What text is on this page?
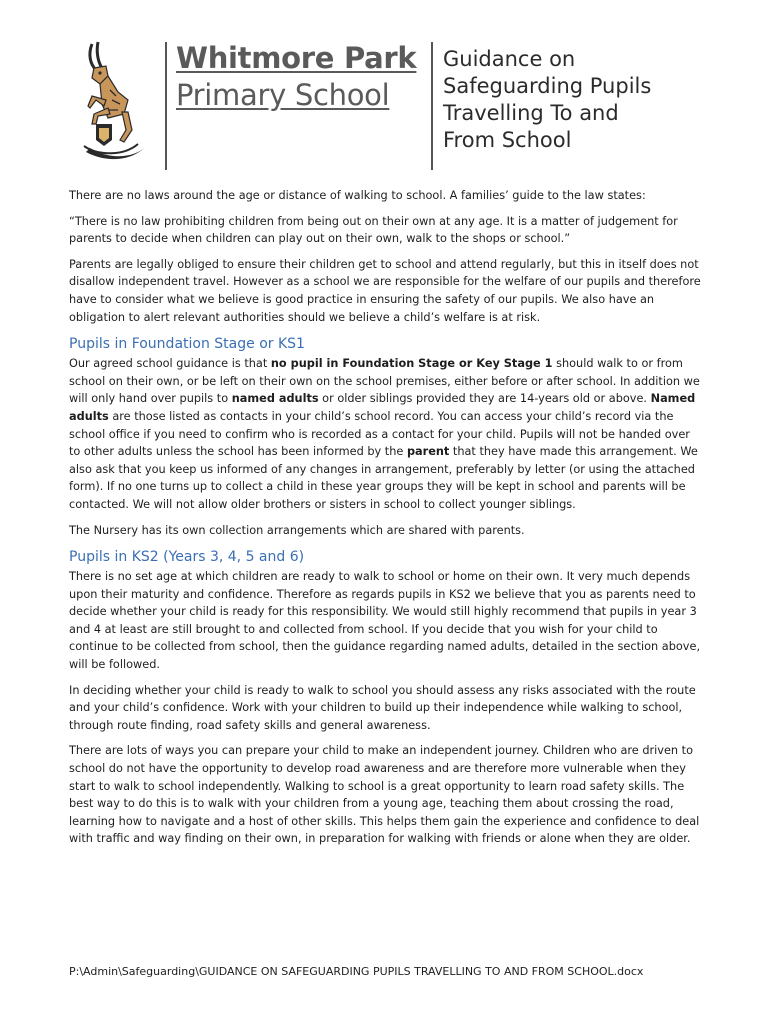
Whitmore Park
Primary School
Guidance on
Safeguarding Pupils
Travelling To and
From School

There are no laws around the age or distance of walking to school. A families’ guide to the law states:

“There is no law prohibiting children from being out on their own at any age. It is a matter of judgement for parents to decide when children can play out on their own, walk to the shops or school.”

Parents are legally obliged to ensure their children get to school and attend regularly, but this in itself does not disallow independent travel. However as a school we are responsible for the welfare of our pupils and therefore have to consider what we believe is good practice in ensuring the safety of our pupils. We also have an obligation to alert relevant authorities should we believe a child’s welfare is at risk.

Pupils in Foundation Stage or KS1

Our agreed school guidance is that no pupil in Foundation Stage or Key Stage 1 should walk to or from school on their own, or be left on their own on the school premises, either before or after school. In addition we will only hand over pupils to named adults or older siblings provided they are 14-years old or above. Named adults are those listed as contacts in your child’s school record. You can access your child’s record via the school office if you need to confirm who is recorded as a contact for your child. Pupils will not be handed over to other adults unless the school has been informed by the parent that they have made this arrangement. We also ask that you keep us informed of any changes in arrangement, preferably by letter (or using the attached form). If no one turns up to collect a child in these year groups they will be kept in school and parents will be contacted. We will not allow older brothers or sisters in school to collect younger siblings.

The Nursery has its own collection arrangements which are shared with parents.

Pupils in KS2 (Years 3, 4, 5 and 6)

There is no set age at which children are ready to walk to school or home on their own. It very much depends upon their maturity and confidence. Therefore as regards pupils in KS2 we believe that you as parents need to decide whether your child is ready for this responsibility. We would still highly recommend that pupils in year 3 and 4 at least are still brought to and collected from school. If you decide that you wish for your child to continue to be collected from school, then the guidance regarding named adults, detailed in the section above, will be followed.

In deciding whether your child is ready to walk to school you should assess any risks associated with the route and your child’s confidence. Work with your children to build up their independence while walking to school, through route finding, road safety skills and general awareness.

There are lots of ways you can prepare your child to make an independent journey. Children who are driven to school do not have the opportunity to develop road awareness and are therefore more vulnerable when they start to walk to school independently. Walking to school is a great opportunity to learn road safety skills. The best way to do this is to walk with your children from a young age, teaching them about crossing the road, learning how to navigate and a host of other skills. This helps them gain the experience and confidence to deal with traffic and way finding on their own, in preparation for walking with friends or alone when they are older.

P:\Admin\Safeguarding\GUIDANCE ON SAFEGUARDING PUPILS TRAVELLING TO AND FROM SCHOOL.docx
